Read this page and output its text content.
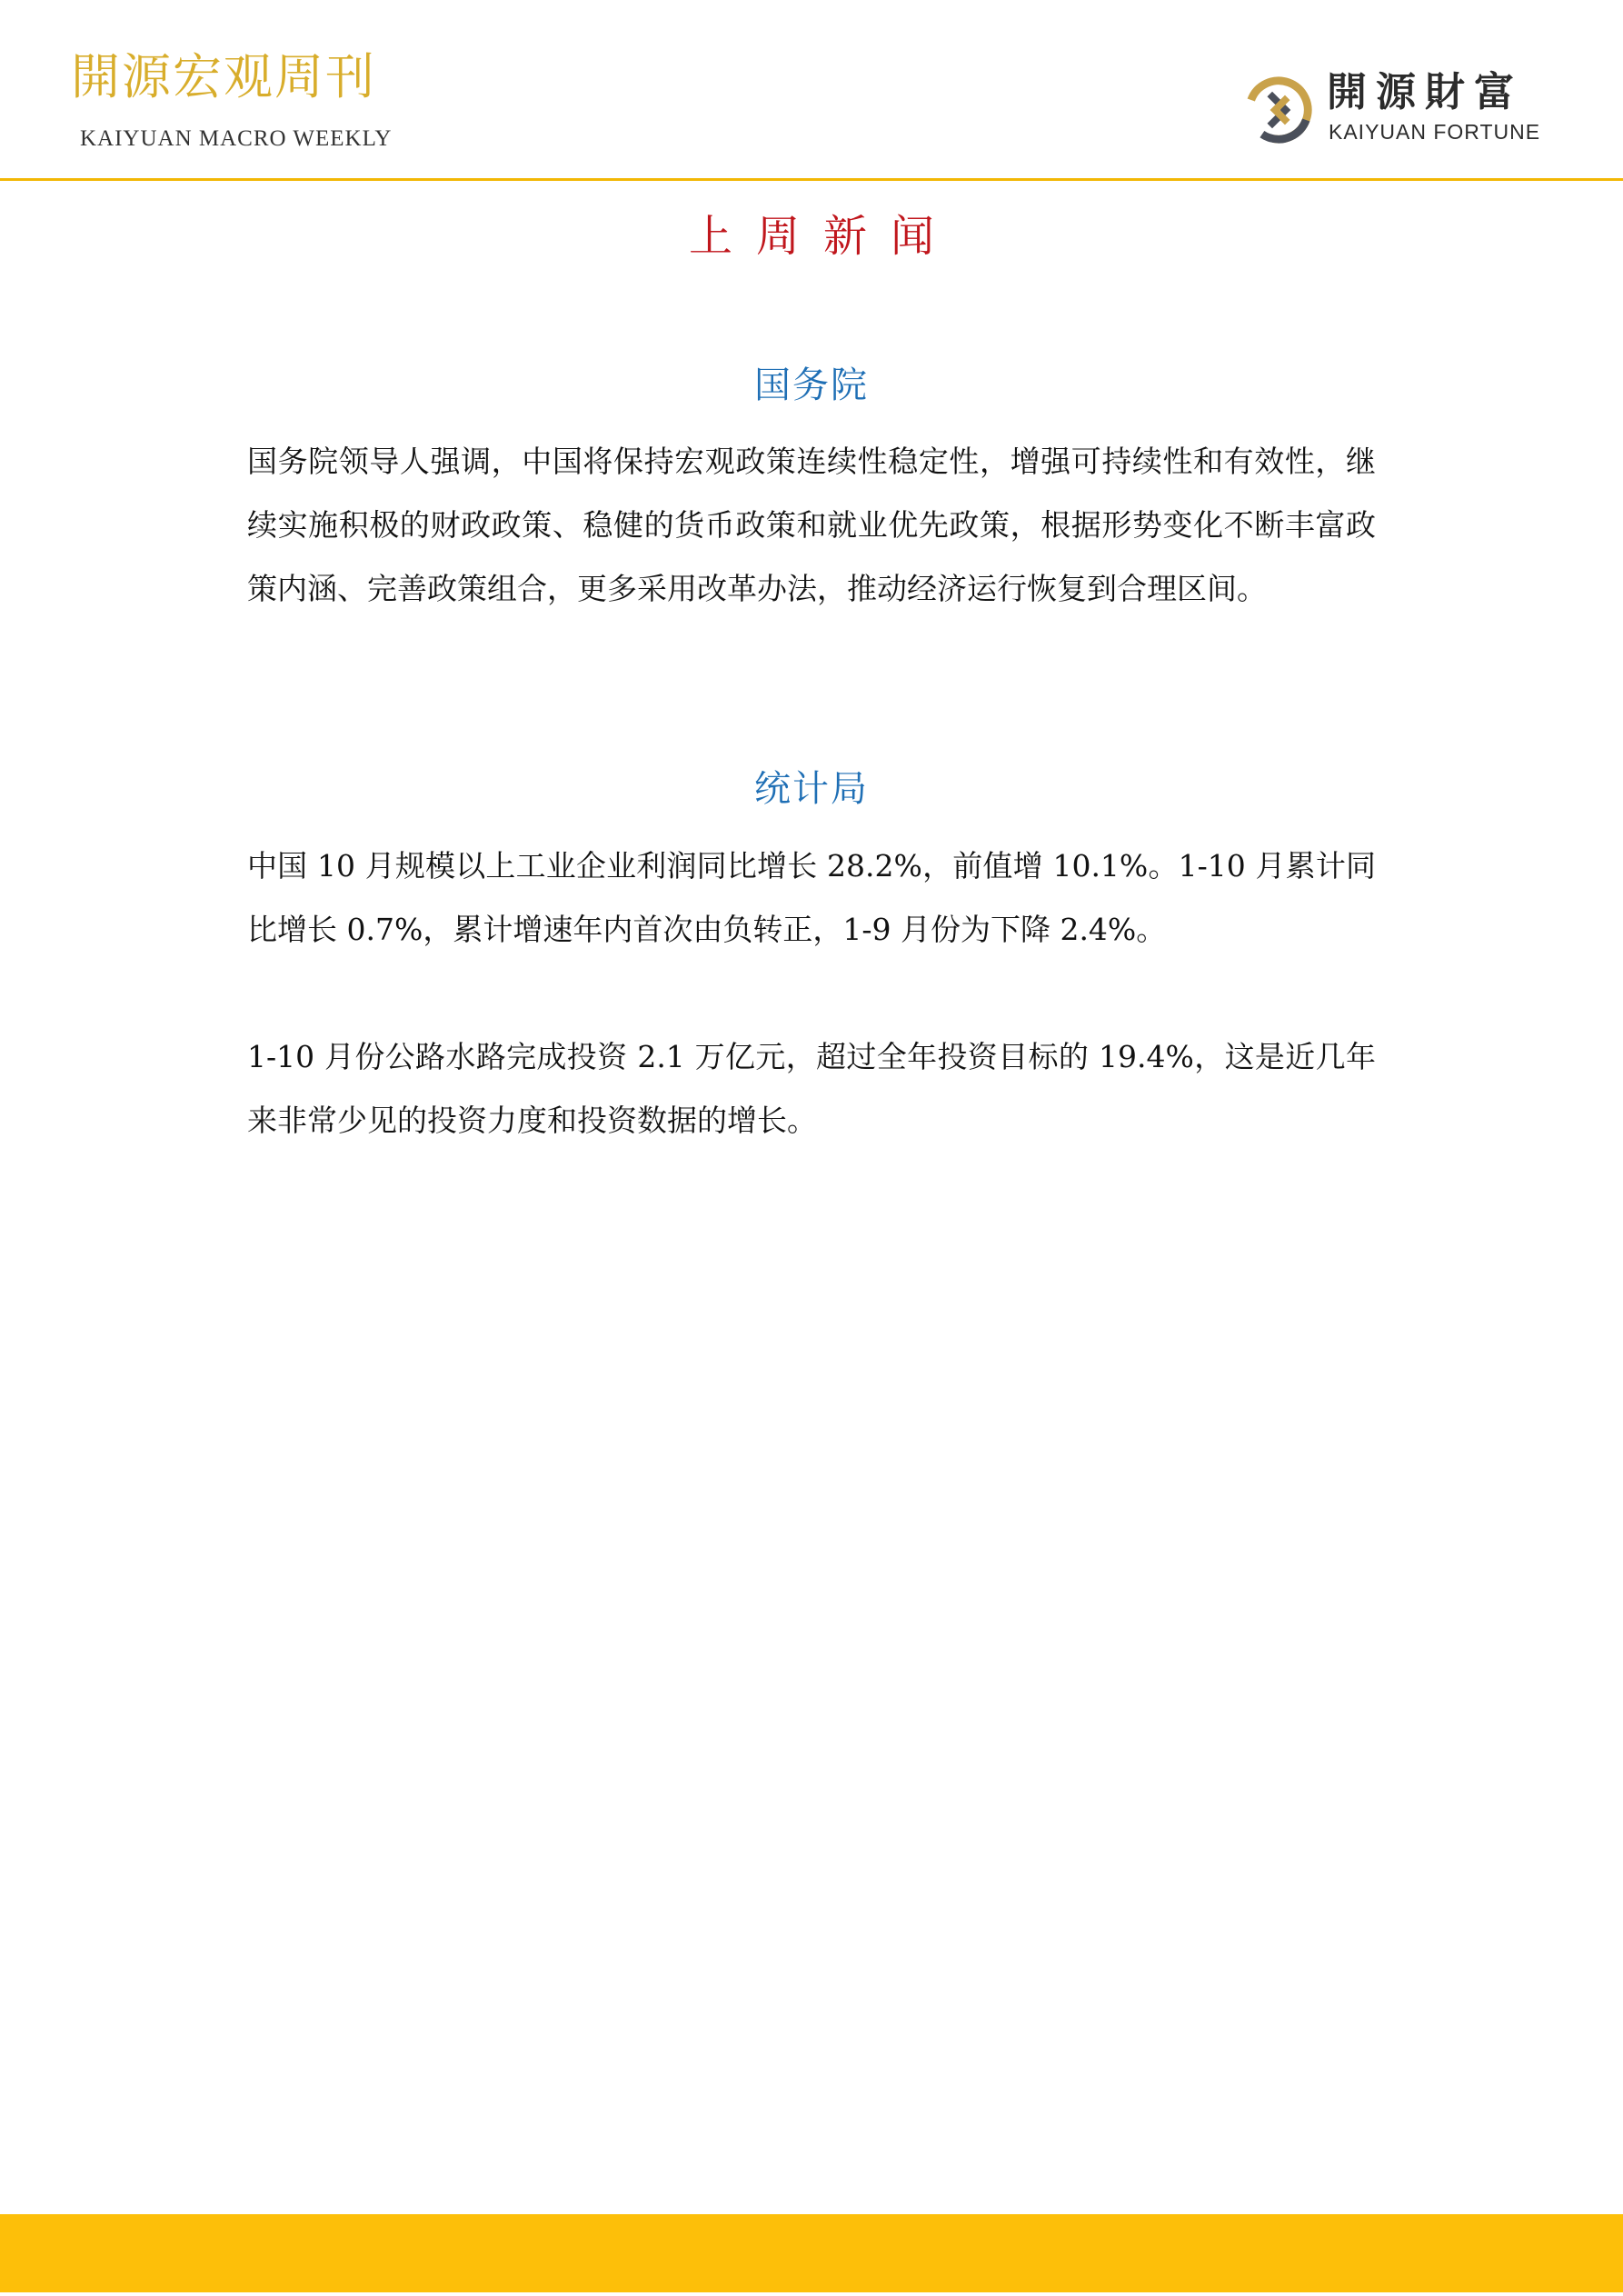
開源宏观周刊
KAIYUAN MACRO WEEKLY
開源財富
KAIYUAN FORTUNE
上周新闻
国务院

国务院领导人强调，中国将保持宏观政策连续性稳定性，增强可持续性和有效性，继续实施积极的财政政策、稳健的货币政策和就业优先政策，根据形势变化不断丰富政策内涵、完善政策组合，更多采用改革办法，推动经济运行恢复到合理区间。

统计局

中国 10 月规模以上工业企业利润同比增长 28.2%，前值增 10.1%。1-10 月累计同比增长 0.7%，累计增速年内首次由负转正，1-9 月份为下降 2.4%。

1-10 月份公路水路完成投资 2.1 万亿元，超过全年投资目标的 19.4%，这是近几年来非常少见的投资力度和投资数据的增长。
